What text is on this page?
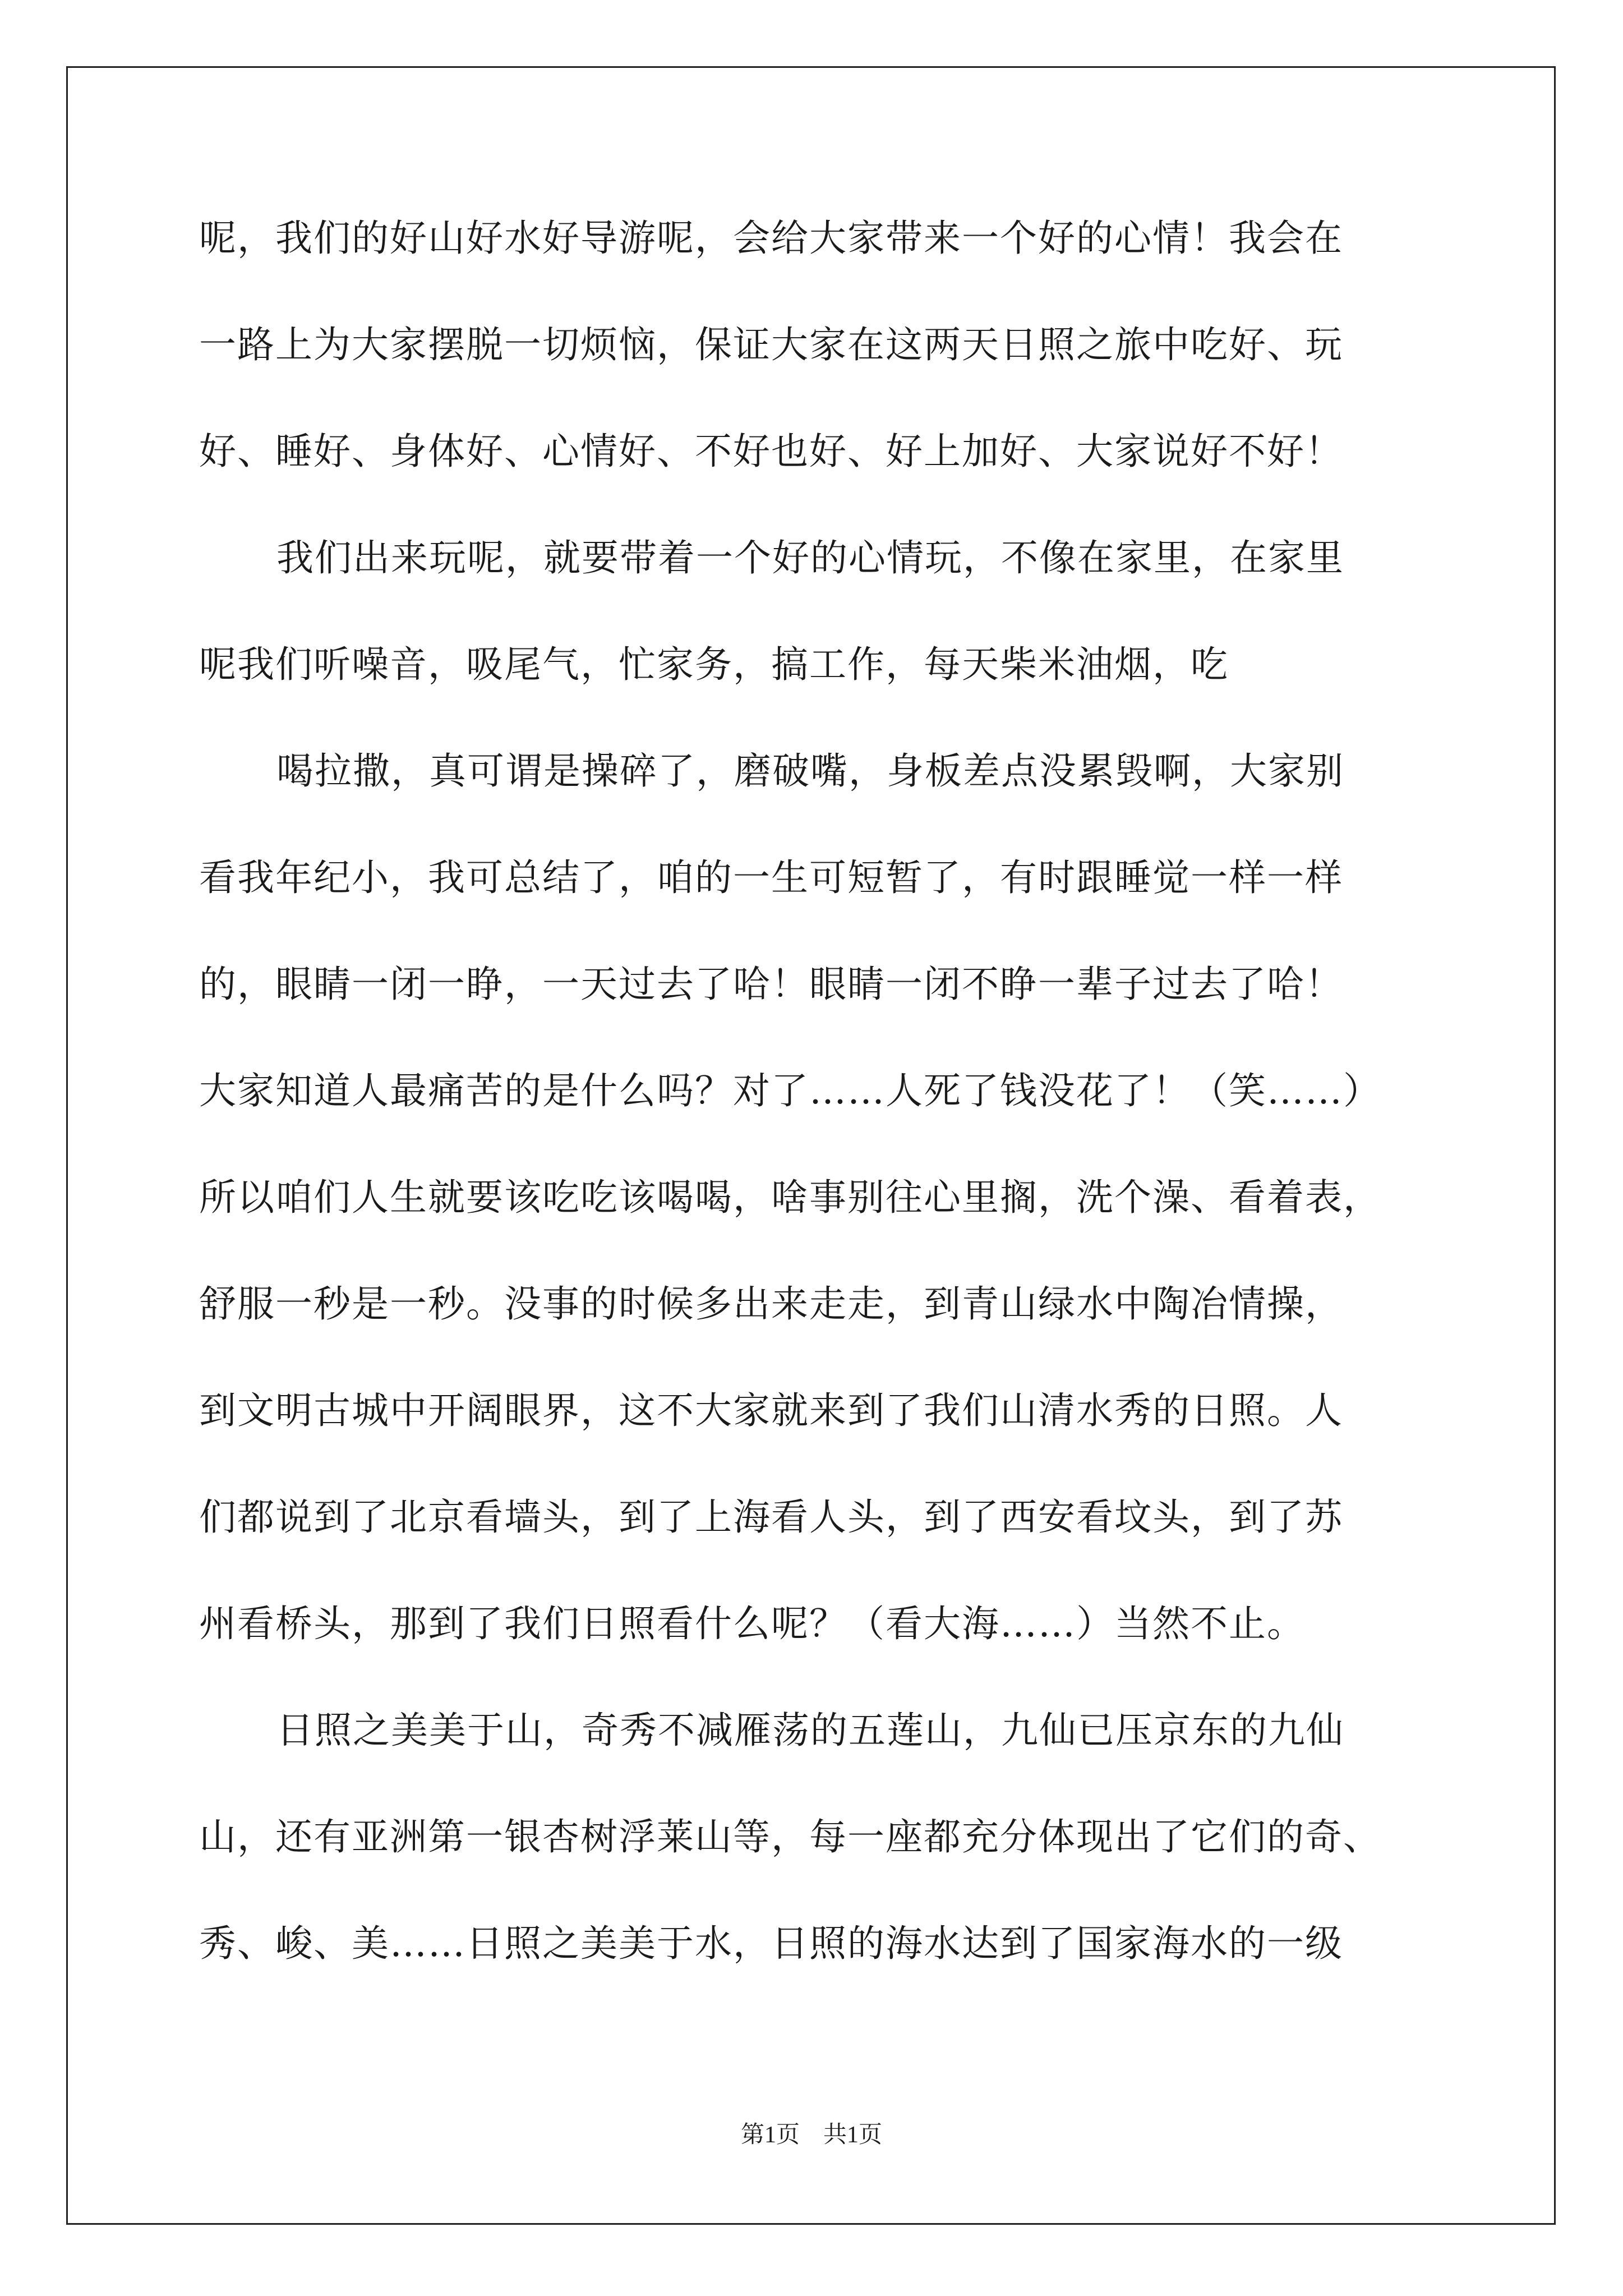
呢，我们的好山好水好导游呢，会给大家带来一个好的心情！我会在
一路上为大家摆脱一切烦恼，保证大家在这两天日照之旅中吃好、玩
好、睡好、身体好、心情好、不好也好、好上加好、大家说好不好！
我们出来玩呢，就要带着一个好的心情玩，不像在家里，在家里
呢我们听噪音，吸尾气，忙家务，搞工作，每天柴米油烟，吃
喝拉撒，真可谓是操碎了，磨破嘴，身板差点没累毁啊，大家别
看我年纪小，我可总结了，咱的一生可短暂了，有时跟睡觉一样一样
的，眼睛一闭一睁，一天过去了哈！眼睛一闭不睁一辈子过去了哈！
大家知道人最痛苦的是什么吗？对了……人死了钱没花了！（笑……）
所以咱们人生就要该吃吃该喝喝，啥事别往心里搁，洗个澡、看着表，
舒服一秒是一秒。没事的时候多出来走走，到青山绿水中陶冶情操，
到文明古城中开阔眼界，这不大家就来到了我们山清水秀的日照。人
们都说到了北京看墙头，到了上海看人头，到了西安看坟头，到了苏
州看桥头，那到了我们日照看什么呢？（看大海……）当然不止。
日照之美美于山，奇秀不减雁荡的五莲山，九仙已压京东的九仙
山，还有亚洲第一银杏树浮莱山等，每一座都充分体现出了它们的奇、
秀、峻、美……日照之美美于水，日照的海水达到了国家海水的一级
第1页　共1页
